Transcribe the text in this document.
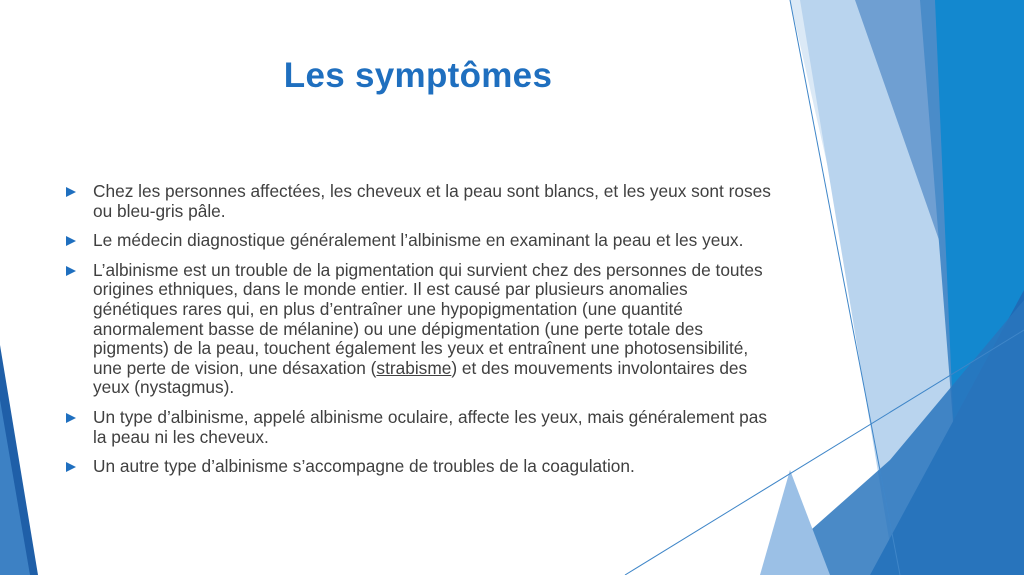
Les symptômes
Chez les personnes affectées, les cheveux et la peau sont blancs, et les yeux sont roses ou bleu-gris pâle.
Le médecin diagnostique généralement l’albinisme en examinant la peau et les yeux.
L’albinisme est un trouble de la pigmentation qui survient chez des personnes de toutes origines ethniques, dans le monde entier. Il est causé par plusieurs anomalies génétiques rares qui, en plus d’entraîner une hypopigmentation (une quantité anormalement basse de mélanine) ou une dépigmentation (une perte totale des pigments) de la peau, touchent également les yeux et entraînent une photosensibilité, une perte de vision, une désaxation (strabisme) et des mouvements involontaires des yeux (nystagmus).
Un type d’albinisme, appelé albinisme oculaire, affecte les yeux, mais généralement pas la peau ni les cheveux.
Un autre type d’albinisme s’accompagne de troubles de la coagulation.
